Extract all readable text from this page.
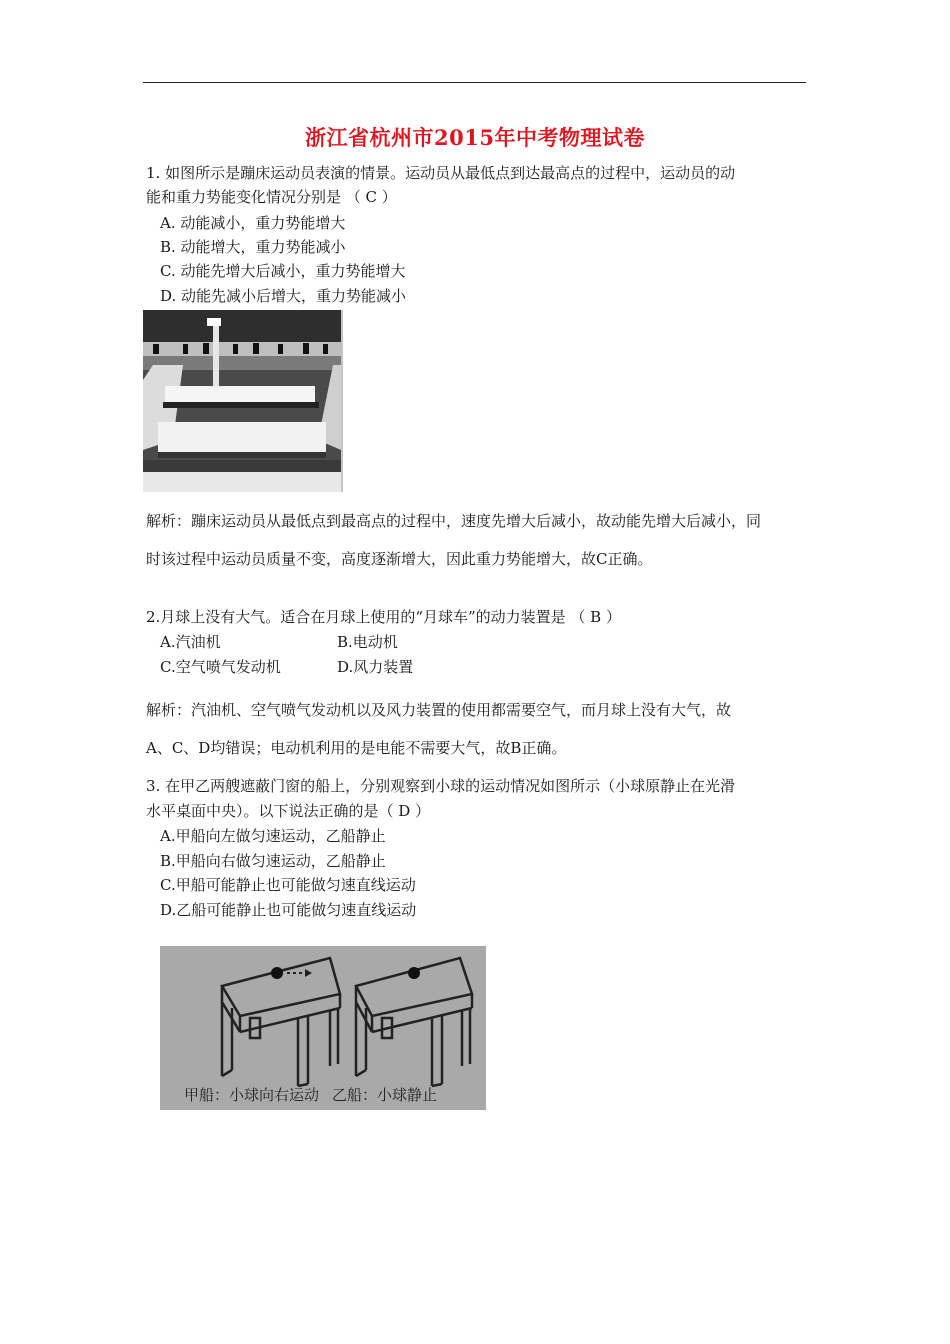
浙江省杭州市2015年中考物理试卷
1. 如图所示是蹦床运动员表演的情景。运动员从最低点到达最高点的过程中，运动员的动
能和重力势能变化情况分别是 （ C ）
A. 动能减小，重力势能增大
B. 动能增大，重力势能减小
C. 动能先增大后减小，重力势能增大
D. 动能先减小后增大，重力势能减小
解析：蹦床运动员从最低点到最高点的过程中，速度先增大后减小，故动能先增大后减小，同
时该过程中运动员质量不变，高度逐渐增大，因此重力势能增大，故C正确。
2.月球上没有大气。适合在月球上使用的“月球车”的动力装置是 （ B ）
A.汽油机	B.电动机
C.空气喷气发动机	D.风力装置
解析：汽油机、空气喷气发动机以及风力装置的使用都需要空气，而月球上没有大气，故
A、C、D均错误；电动机利用的是电能不需要大气，故B正确。
3. 在甲乙两艘遮蔽门窗的船上，分别观察到小球的运动情况如图所示（小球原静止在光滑
水平桌面中央）。以下说法正确的是（ D ）
A.甲船向左做匀速运动，乙船静止
B.甲船向右做匀速运动，乙船静止
C.甲船可能静止也可能做匀速直线运动
D.乙船可能静止也可能做匀速直线运动
甲船：小球向右运动 乙船：小球静止
